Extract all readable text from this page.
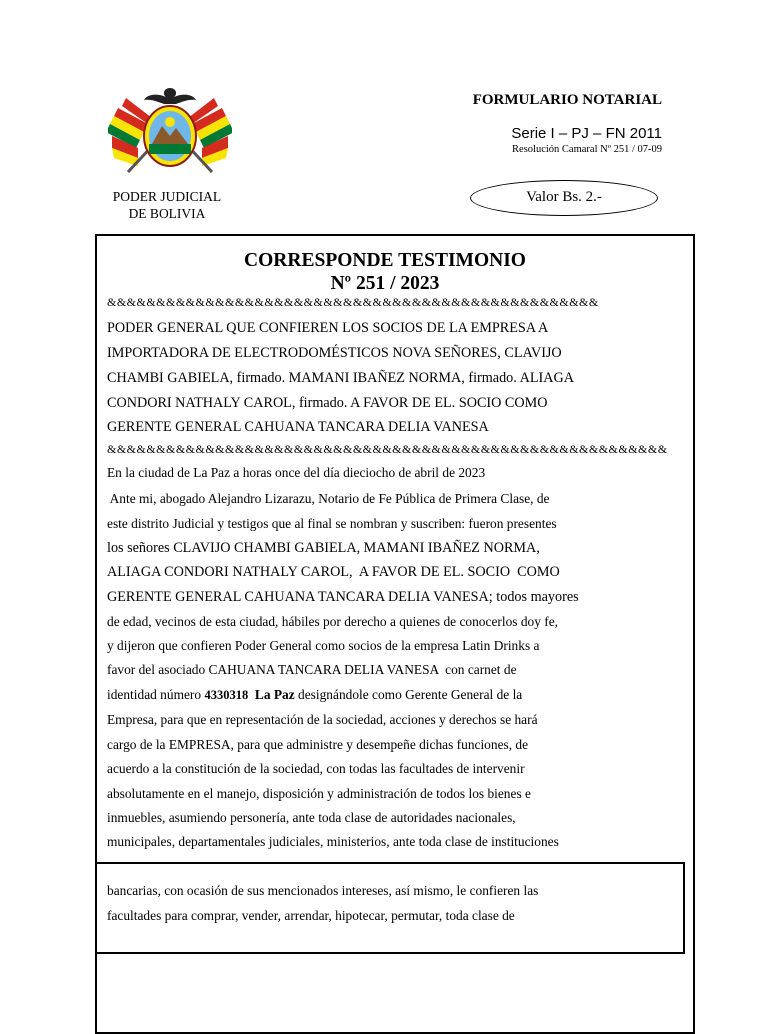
PODER JUDICIAL
DE BOLIVIA
FORMULARIO NOTARIAL
Serie I – PJ – FN 2011
Resolución Camaral Nº 251 / 07-09
Valor Bs. 2.-
CORRESPONDE TESTIMONIO
Nº 251 / 2023
&&&&&&&&&&&&&&&&&&&&&&&&&&&&&&&&&&&&&&&&&&&&&&&&&&
PODER GENERAL QUE CONFIEREN LOS SOCIOS DE LA EMPRESA A
IMPORTADORA DE ELECTRODOMÉSTICOS NOVA SEÑORES, CLAVIJO
CHAMBI GABIELA, firmado. MAMANI IBAÑEZ NORMA, firmado. ALIAGA
CONDORI NATHALY CAROL, firmado. A FAVOR DE EL. SOCIO COMO
GERENTE GENERAL CAHUANA TANCARA DELIA VANESA
&&&&&&&&&&&&&&&&&&&&&&&&&&&&&&&&&&&&&&&&&&&&&&&&&&&&&&&&&
En la ciudad de La Paz a horas once del día dieciocho de abril de 2023
Ante mi, abogado Alejandro Lizarazu, Notario de Fe Pública de Primera Clase, de
este distrito Judicial y testigos que al final se nombran y suscriben: fueron presentes
los señores CLAVIJO CHAMBI GABIELA, MAMANI IBAÑEZ NORMA,
ALIAGA CONDORI NATHALY CAROL,  A FAVOR DE EL. SOCIO  COMO
GERENTE GENERAL CAHUANA TANCARA DELIA VANESA; todos mayores
de edad, vecinos de esta ciudad, hábiles por derecho a quienes de conocerlos doy fe,
y dijeron que confieren Poder General como socios de la empresa Latin Drinks a
favor del asociado CAHUANA TANCARA DELIA VANESA  con carnet de
identidad número 4330318 La Paz designándole como Gerente General de la
Empresa, para que en representación de la sociedad, acciones y derechos se hará
cargo de la EMPRESA, para que administre y desempeñe dichas funciones, de
acuerdo a la constitución de la sociedad, con todas las facultades de intervenir
absolutamente en el manejo, disposición y administración de todos los bienes e
inmuebles, asumiendo personería, ante toda clase de autoridades nacionales,
municipales, departamentales judiciales, ministerios, ante toda clase de instituciones
bancarias, con ocasión de sus mencionados intereses, así mismo, le confieren las
facultades para comprar, vender, arrendar, hipotecar, permutar, toda clase de
